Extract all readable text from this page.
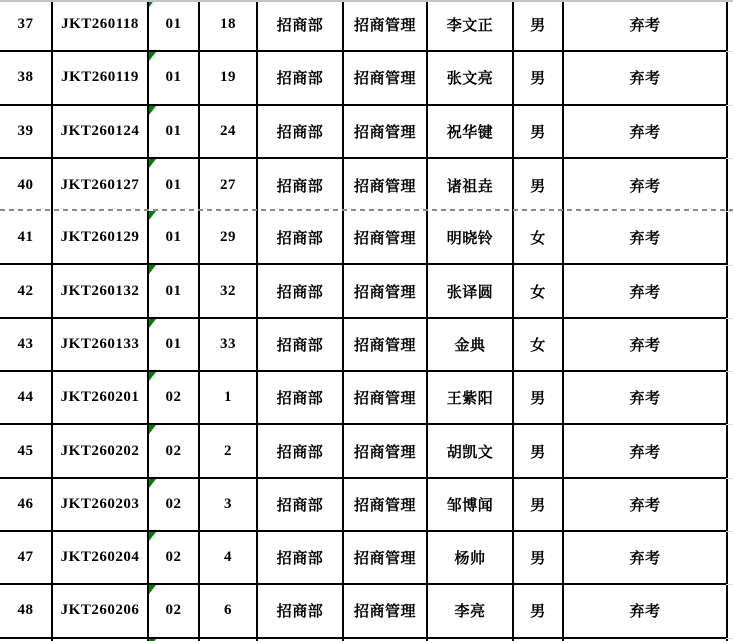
37	JKT260118	01	18	招商部	招商管理	李文正	男	弃考
38	JKT260119	01	19	招商部	招商管理	张文亮	男	弃考
39	JKT260124	01	24	招商部	招商管理	祝华键	男	弃考
40	JKT260127	01	27	招商部	招商管理	诸祖垚	男	弃考
41	JKT260129	01	29	招商部	招商管理	明晓铃	女	弃考
42	JKT260132	01	32	招商部	招商管理	张译圆	女	弃考
43	JKT260133	01	33	招商部	招商管理	金典	女	弃考
44	JKT260201	02	1	招商部	招商管理	王紫阳	男	弃考
45	JKT260202	02	2	招商部	招商管理	胡凯文	男	弃考
46	JKT260203	02	3	招商部	招商管理	邹博闻	男	弃考
47	JKT260204	02	4	招商部	招商管理	杨帅	男	弃考
48	JKT260206	02	6	招商部	招商管理	李亮	男	弃考
